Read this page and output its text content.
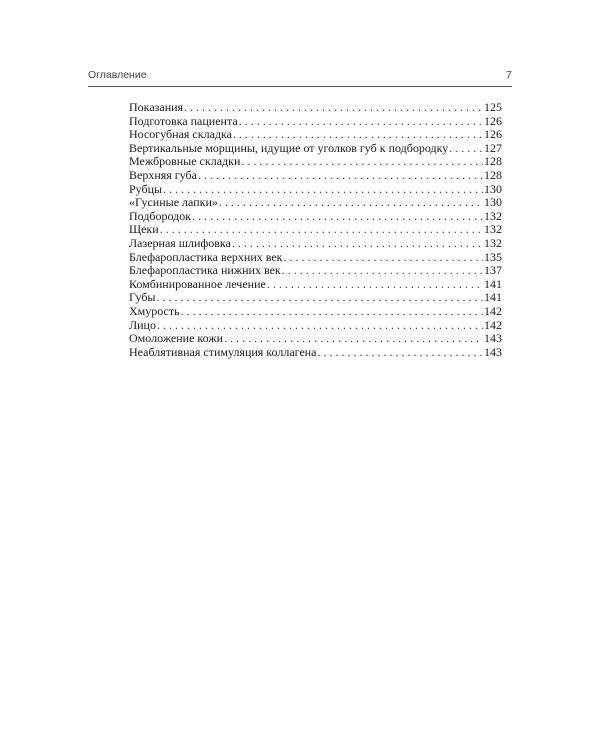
Оглавление	7
Показания . . .	125
Подготовка пациента . . .	126
Носогубная складка . . .	126
Вертикальные морщины, идущие от уголков губ к подбородку . . .	127
Межбровные складки . . .	128
Верхняя губа . . .	128
Рубцы . . .	130
«Гусиные лапки» . . .	130
Подбородок . . .	132
Щеки . . .	132
Лазерная шлифовка . . .	132
Блефаропластика верхних век . . .	135
Блефаропластика нижних век . . .	137
Комбинированное лечение . . .	141
Губы . . .	141
Хмурость . . .	142
Лицо . . .	142
Омоложение кожи . . .	143
Неаблятивная стимуляция коллагена . . .	143
